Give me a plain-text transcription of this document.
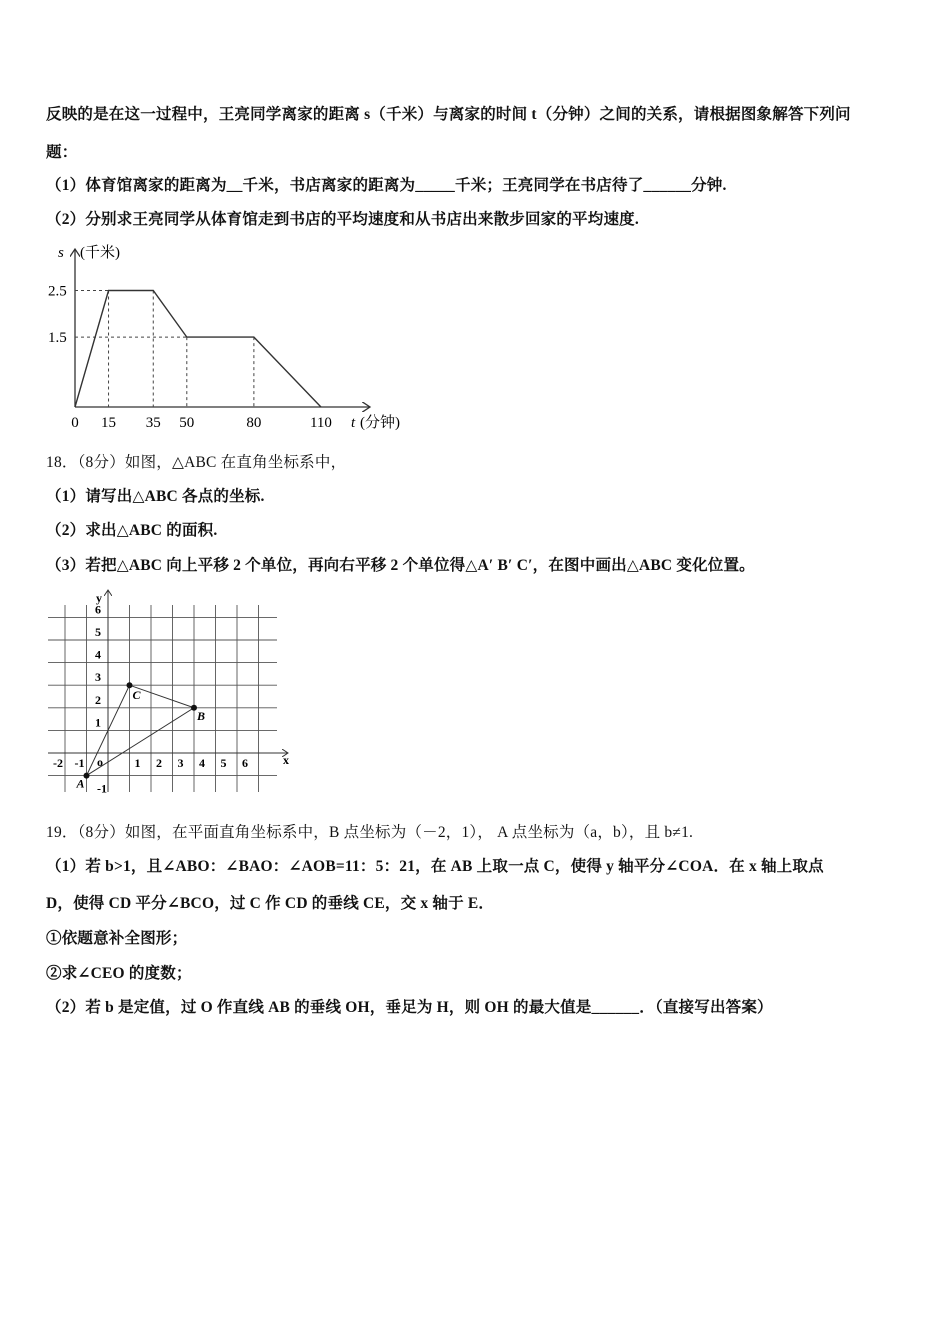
反映的是在这一过程中，王亮同学离家的距离 s（千米）与离家的时间 t（分钟）之间的关系，请根据图象解答下列问
题：
（1）体育馆离家的距离为__千米，书店离家的距离为_____千米；王亮同学在书店待了______分钟.
（2）分别求王亮同学从体育馆走到书店的平均速度和从书店出来散步回家的平均速度.
s (千米)
t (分钟)
2.5
1.5
0 15 35 50	80	110
18．（8分）如图，△ABC 在直角坐标系中，
（1）请写出△ABC 各点的坐标.
（2）求出△ABC 的面积.
（3）若把△ABC 向上平移 2 个单位，再向右平移 2 个单位得△A′ B′ C′，在图中画出△ABC 变化位置。
x
y
o
-2 -1	1 2 3 4 5 6
1
2
3
4
5
6
-1
A
B
C
19．（8分）如图，在平面直角坐标系中，B 点坐标为（－2，1）， A 点坐标为（a，b），且 b≠1.
（1）若 b>1，且∠ABO：∠BAO：∠AOB=11：5：21，在 AB 上取一点 C，使得 y 轴平分∠COA．在 x 轴上取点
D，使得 CD 平分∠BCO，过 C 作 CD 的垂线 CE，交 x 轴于 E．
①依题意补全图形；
②求∠CEO 的度数；
（2）若 b 是定值，过 O 作直线 AB 的垂线 OH，垂足为 H，则 OH 的最大值是______．（直接写出答案）
